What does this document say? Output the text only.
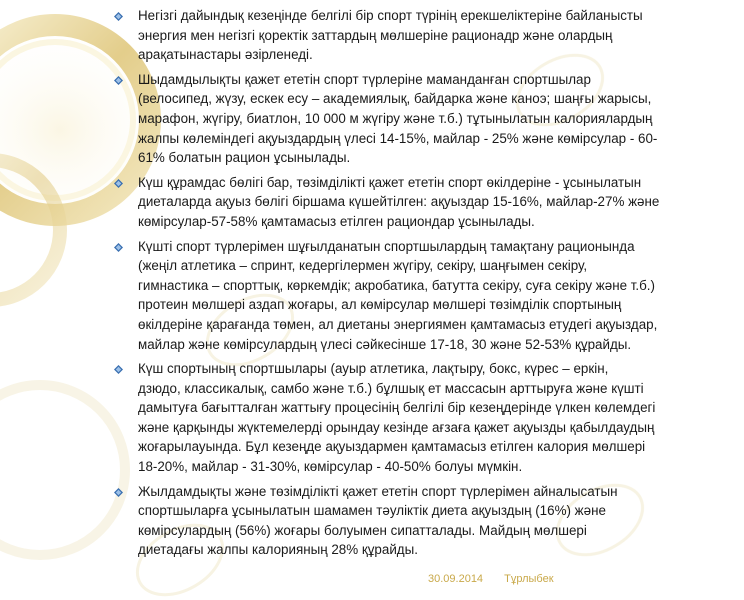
Негізгі дайындық кезеңінде белгілі бір спорт түрінің ерекшеліктеріне байланысты
энергия мен негізгі қоректік заттардың мөлшеріне рационадр және олардың
арақатынастары әзірленеді.
Шыдамдылықты қажет ететін спорт түрлеріне маманданған спортшылар
(велосипед, жүзу, ескек есу – академиялық, байдарка және каноэ; шаңғы жарысы,
марафон, жүгіру, биатлон, 10 000 м жүгіру және т.б.) тұтынылатын калориялардың
жалпы көлеміндегі ақуыздардың үлесі 14-15%, майлар - 25% және көмірсулар - 60-
61% болатын рацион ұсынылады.
Күш құрамдас бөлігі бар, төзімділікті қажет ететін спорт өкілдеріне - ұсынылатын
диеталарда ақуыз бөлігі біршама күшейтілген: ақуыздар 15-16%, майлар-27% және
көмірсулар-57-58% қамтамасыз етілген рациондар ұсынылады.
Күшті спорт түрлерімен шұғылданатын спортшылардың тамақтану рационында
(жеңіл атлетика – спринт, кедергілермен жүгіру, секіру, шаңғымен секіру,
гимнастика – спорттық, көркемдік; акробатика, батутта секіру, суға секіру және т.б.)
протеин мөлшері аздап жоғары, ал көмірсулар мөлшері төзімділік спортының
өкілдеріне қарағанда төмен, ал диетаны энергиямен қамтамасыз етудегі ақуыздар,
майлар және көмірсулардың үлесі сәйкесінше 17-18, 30 және 52-53% құрайды.
Күш спортының спортшылары (ауыр атлетика, лақтыру, бокс, күрес – еркін,
дзюдо, классикалық, самбо және т.б.) бұлшық ет массасын арттыруға және күшті
дамытуға бағытталған жаттығу процесінің белгілі бір кезеңдерінде үлкен көлемдегі
және қарқынды жүктемелерді орындау кезінде ағзаға қажет ақуызды қабылдаудың
жоғарылауында. Бұл кезеңде ақуыздармен қамтамасыз етілген калория мөлшері
18-20%, майлар - 31-30%, көмірсулар - 40-50% болуы мүмкін.
Жылдамдықты және төзімділікті қажет ететін спорт түрлерімен айналысатын
спортшыларға ұсынылатын шамамен тәуліктік диета ақуыздың (16%) және
көмірсулардың (56%) жоғары болуымен сипатталады. Майдың мөлшері
диетадағы жалпы калорияның 28% құрайды.
30.09.2014 Тұрлыбек
